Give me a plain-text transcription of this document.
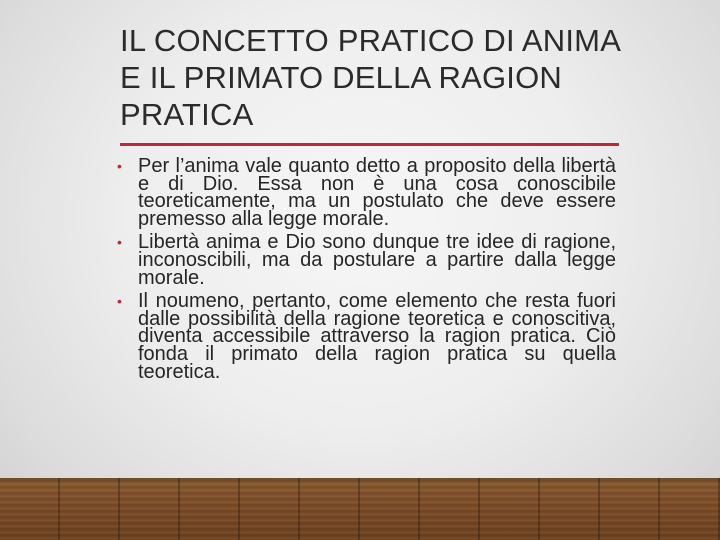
IL CONCETTO PRATICO DI ANIMA E IL PRIMATO DELLA RAGION PRATICA
• Per l’anima vale quanto detto a proposito della libertà e di Dio. Essa non è una cosa conoscibile teoreticamente, ma un postulato che deve essere premesso alla legge morale.
• Libertà anima e Dio sono dunque tre idee di ragione, inconoscibili, ma da postulare a partire dalla legge morale.
• Il noumeno, pertanto, come elemento che resta fuori dalle possibilità della ragione teoretica e conoscitiva, diventa accessibile attraverso la ragion pratica. Ciò fonda il primato della ragion pratica su quella teoretica.
